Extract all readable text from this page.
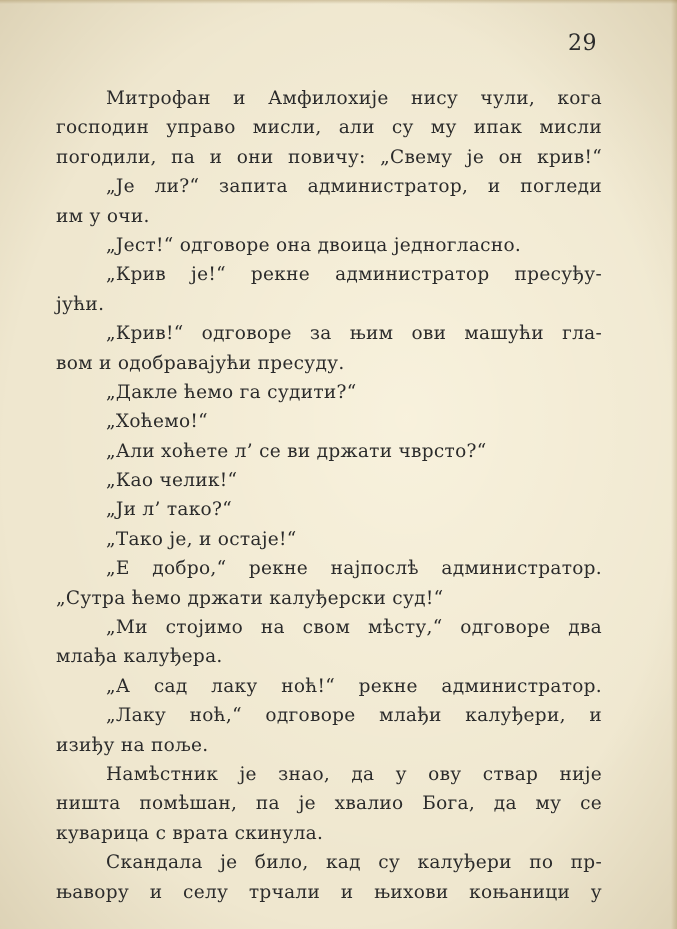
29
Митрофан и Амфилохије нису чули, кога
господин управо мисли, али су му ипак мисли
погодили, па и они повичу: „Свему је он крив!“
„Је ли?“ запита администратор, и погледи
им у очи.
„Јест!“ одговоре она двоица једногласно.
„Крив је!“ рекне администратор пресуђу-
јући.
„Крив!“ одговоре за њим ови машући гла-
вом и одобравајући пресуду.
„Дакле ћемо га судити?“
„Хоћемо!“
„Али хоћете л’ се ви држати чврсто?“
„Као челик!“
„Ји л’ тако?“
„Тако је, и остаје!“
„Е добро,“ рекне најпослѣ администратор.
„Сутра ћемо држати калуђерски суд!“
„Ми стојимо на свом мѣсту,“ одговоре два
млађа калуђера.
„А сад лаку ноћ!“ рекне администратор.
„Лаку ноћ,“ одговоре млађи калуђери, и
изиђу на поље.
Намѣстник је знао, да у ову ствар није
ништа помѣшан, па је хвалио Бога, да му се
куварица с врата скинула.
Скандала је било, кад су калуђери по пр-
њавору и селу трчали и њихови коњаници у
